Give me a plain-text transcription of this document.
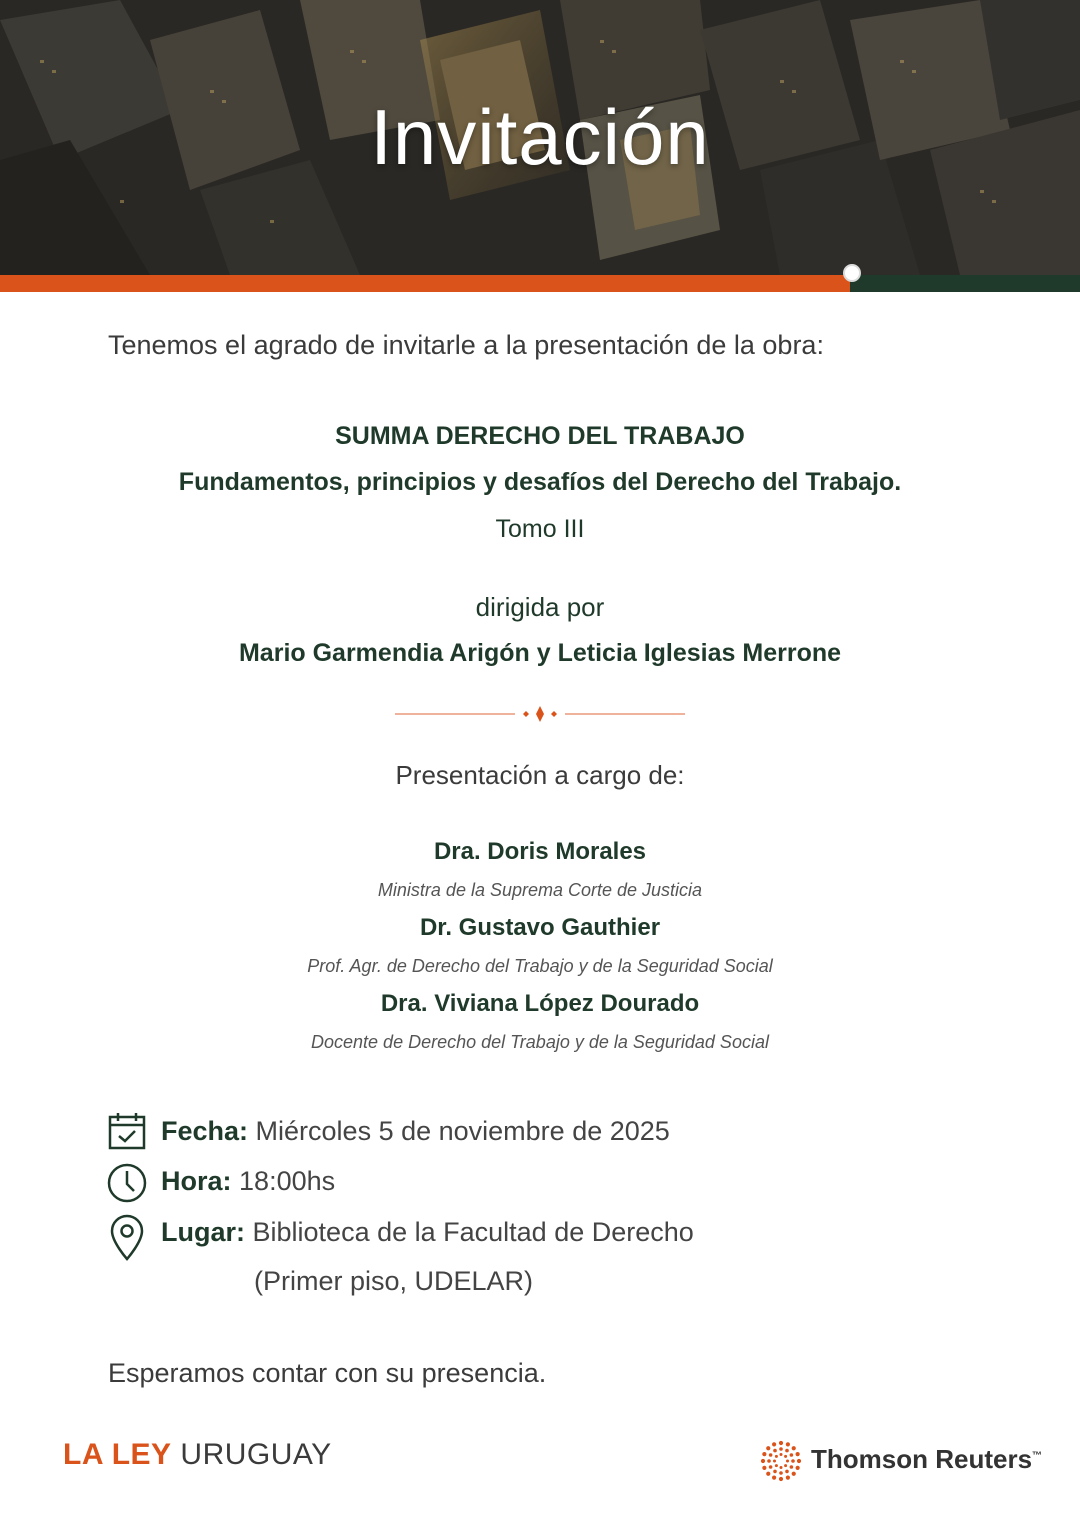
Invitación
Tenemos el agrado de invitarle a la presentación de la obra:
SUMMA DERECHO DEL TRABAJO
Fundamentos, principios y desafíos del Derecho del Trabajo.
Tomo III
dirigida por
Mario Garmendia Arigón y Leticia Iglesias Merrone
Presentación a cargo de:
Dra. Doris Morales
Ministra de la Suprema Corte de Justicia
Dr. Gustavo Gauthier
Prof. Agr. de Derecho del Trabajo y de la Seguridad Social
Dra. Viviana López Dourado
Docente de Derecho del Trabajo y de la Seguridad Social
Fecha: Miércoles 5 de noviembre de 2025
Hora: 18:00hs
Lugar: Biblioteca de la Facultad de Derecho
(Primer piso, UDELAR)
Esperamos contar con su presencia.
LA LEY URUGUAY	Thomson Reuters™
